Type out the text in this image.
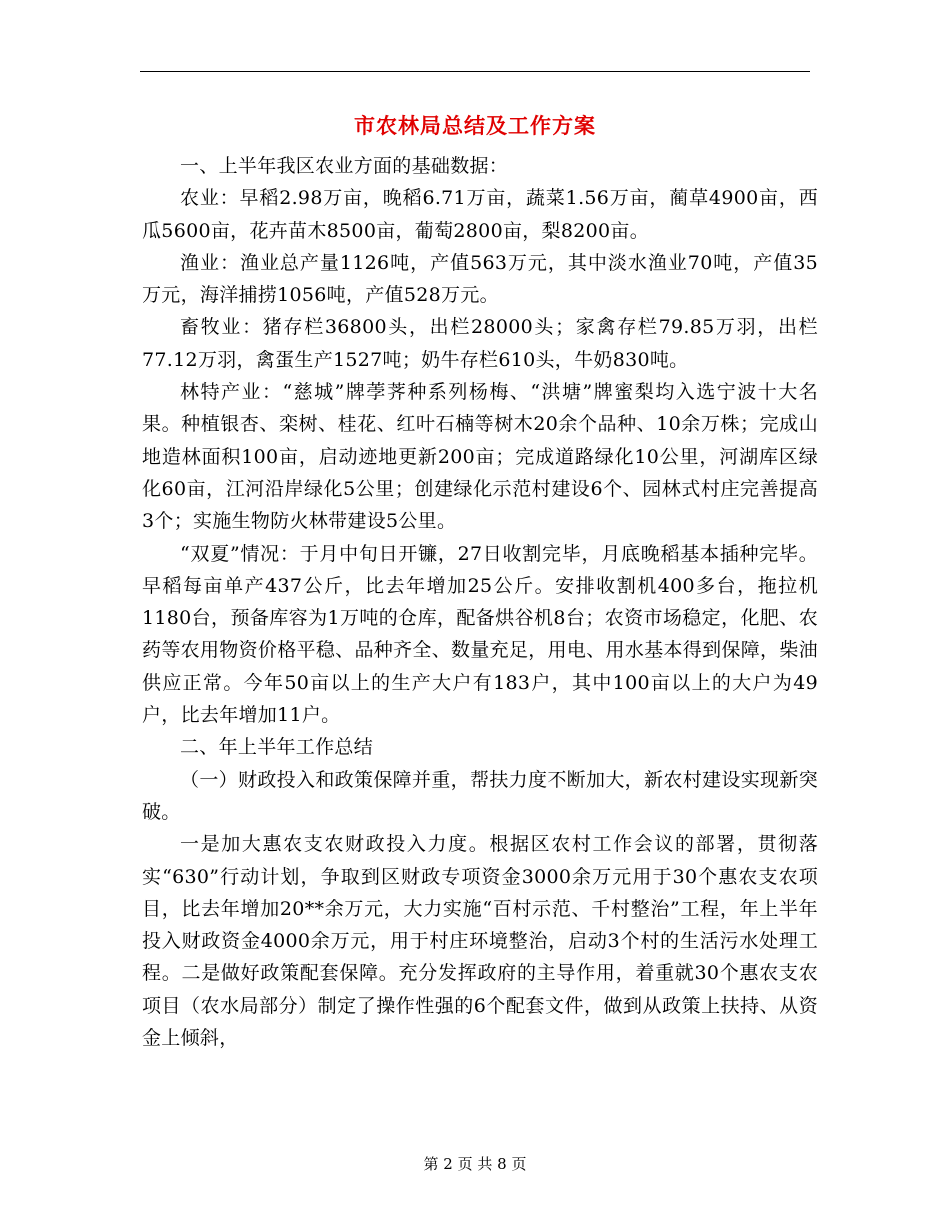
市农林局总结及工作方案

一、上半年我区农业方面的基础数据：

农业：早稻2.98万亩，晚稻6.71万亩，蔬菜1.56万亩，蔺草4900亩，西瓜5600亩，花卉苗木8500亩，葡萄2800亩，梨8200亩。

渔业：渔业总产量1126吨，产值563万元，其中淡水渔业70吨，产值35万元，海洋捕捞1056吨，产值528万元。

畜牧业：猪存栏36800头，出栏28000头；家禽存栏79.85万羽，出栏77.12万羽，禽蛋生产1527吨；奶牛存栏610头，牛奶830吨。

林特产业：“慈城”牌荸荠种系列杨梅、“洪塘”牌蜜梨均入选宁波十大名果。种植银杏、栾树、桂花、红叶石楠等树木20余个品种、10余万株；完成山地造林面积100亩，启动迹地更新200亩；完成道路绿化10公里，河湖库区绿化60亩，江河沿岸绿化5公里；创建绿化示范村建设6个、园林式村庄完善提高3个；实施生物防火林带建设5公里。

“双夏”情况：于月中旬日开镰，27日收割完毕，月底晚稻基本插种完毕。早稻每亩单产437公斤，比去年增加25公斤。安排收割机400多台，拖拉机1180台，预备库容为1万吨的仓库，配备烘谷机8台；农资市场稳定，化肥、农药等农用物资价格平稳、品种齐全、数量充足，用电、用水基本得到保障，柴油供应正常。今年50亩以上的生产大户有183户，其中100亩以上的大户为49户，比去年增加11户。

二、年上半年工作总结

（一）财政投入和政策保障并重，帮扶力度不断加大，新农村建设实现新突破。

一是加大惠农支农财政投入力度。根据区农村工作会议的部署，贯彻落实“630”行动计划，争取到区财政专项资金3000余万元用于30个惠农支农项目，比去年增加20**余万元，大力实施“百村示范、千村整治”工程，年上半年投入财政资金4000余万元，用于村庄环境整治，启动3个村的生活污水处理工程。二是做好政策配套保障。充分发挥政府的主导作用，着重就30个惠农支农项目（农水局部分）制定了操作性强的6个配套文件，做到从政策上扶持、从资金上倾斜，

第 2 页 共 8 页
